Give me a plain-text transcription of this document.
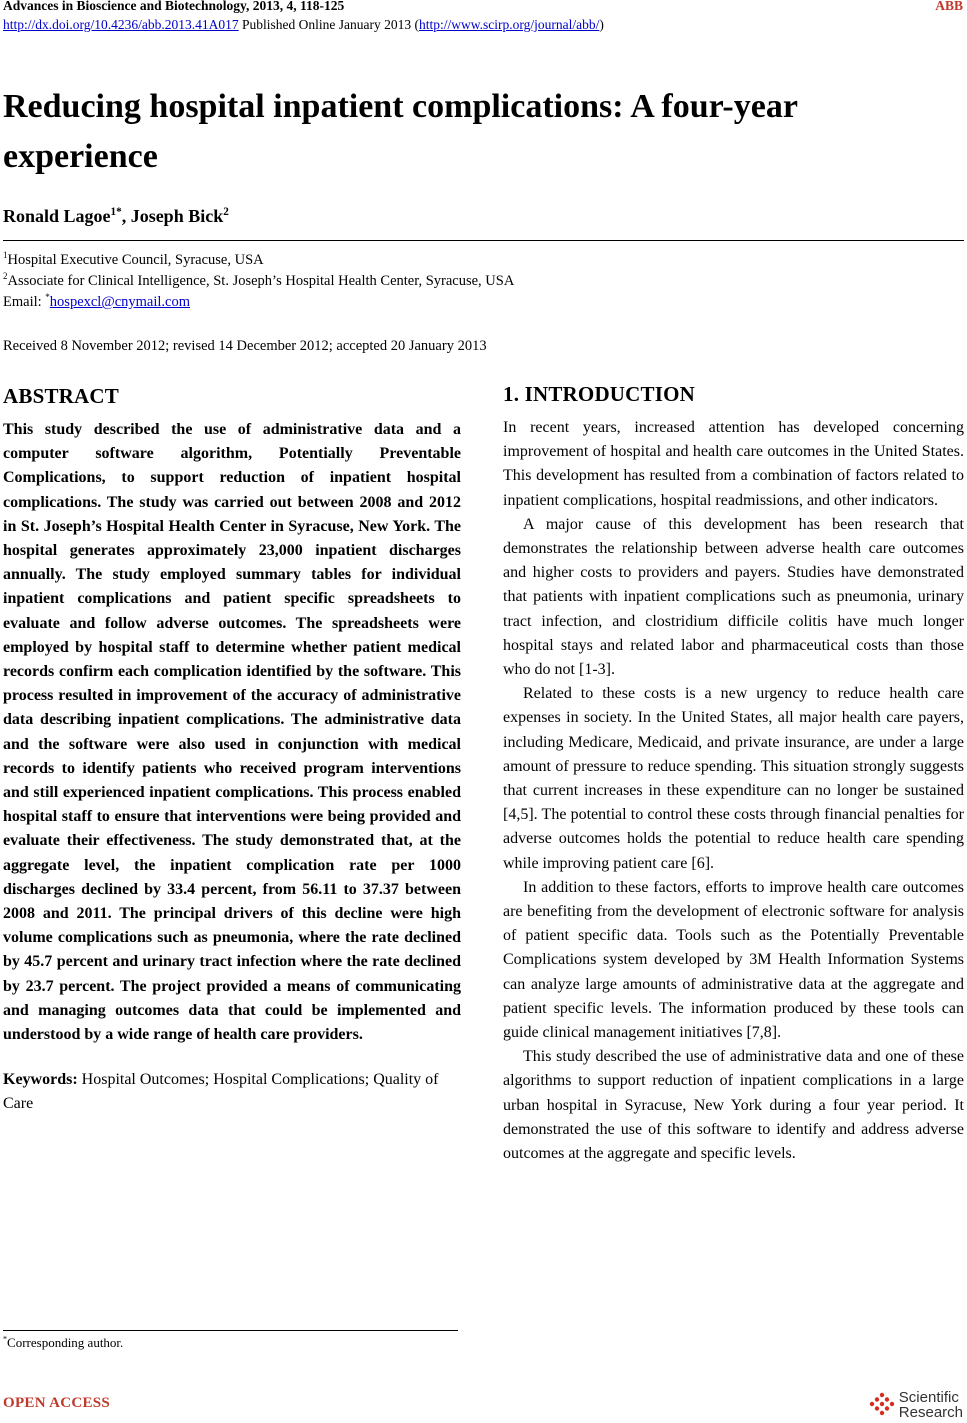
Advances in Bioscience and Biotechnology, 2013, 4, 118-125	ABB
http://dx.doi.org/10.4236/abb.2013.41A017 Published Online January 2013 (http://www.scirp.org/journal/abb/)
Reducing hospital inpatient complications: A four-year experience
Ronald Lagoe$^{1*}$, Joseph Bick$^2$
$^1$Hospital Executive Council, Syracuse, USA
$^2$Associate for Clinical Intelligence, St. Joseph’s Hospital Health Center, Syracuse, USA
Email: *hospexcl@cnymail.com
Received 8 November 2012; revised 14 December 2012; accepted 20 January 2013
ABSTRACT

This study described the use of administrative data and a computer software algorithm, Potentially Preventable Complications, to support reduction of inpatient hospital complications. The study was carried out between 2008 and 2012 in St. Joseph’s Hospital Health Center in Syracuse, New York. The hospital generates approximately 23,000 inpatient discharges annually. The study employed summary tables for individual inpatient complications and patient specific spreadsheets to evaluate and follow adverse outcomes. The spreadsheets were employed by hospital staff to determine whether patient medical records confirm each complication identified by the software. This process resulted in improvement of the accuracy of administrative data describing inpatient complications. The administrative data and the software were also used in conjunction with medical records to identify patients who received program interventions and still experienced inpatient complications. This process enabled hospital staff to ensure that interventions were being provided and evaluate their effectiveness. The study demonstrated that, at the aggregate level, the inpatient complication rate per 1000 discharges declined by 33.4 percent, from 56.11 to 37.37 between 2008 and 2011. The principal drivers of this decline were high volume complications such as pneumonia, where the rate declined by 45.7 percent and urinary tract infection where the rate declined by 23.7 percent. The project provided a means of communicating and managing outcomes data that could be implemented and understood by a wide range of health care providers.

Keywords: Hospital Outcomes; Hospital Complications; Quality of Care

1. INTRODUCTION

In recent years, increased attention has developed concerning improvement of hospital and health care outcomes in the United States. This development has resulted from a combination of factors related to inpatient complications, hospital readmissions, and other indicators.

A major cause of this development has been research that demonstrates the relationship between adverse health care outcomes and higher costs to providers and payers. Studies have demonstrated that patients with inpatient complications such as pneumonia, urinary tract infection, and clostridium difficile colitis have much longer hospital stays and related labor and pharmaceutical costs than those who do not [1-3].

Related to these costs is a new urgency to reduce health care expenses in society. In the United States, all major health care payers, including Medicare, Medicaid, and private insurance, are under a large amount of pressure to reduce spending. This situation strongly suggests that current increases in these expenditure can no longer be sustained [4,5]. The potential to control these costs through financial penalties for adverse outcomes holds the potential to reduce health care spending while improving patient care [6].

In addition to these factors, efforts to improve health care outcomes are benefiting from the development of electronic software for analysis of patient specific data. Tools such as the Potentially Preventable Complications system developed by 3M Health Information Systems can analyze large amounts of administrative data at the aggregate and patient specific levels. The information produced by these tools can guide clinical management initiatives [7,8].

This study described the use of administrative data and one of these algorithms to support reduction of inpatient complications in a large urban hospital in Syracuse, New York during a four year period. It demonstrated the use of this software to identify and address adverse outcomes at the aggregate and specific levels.

*Corresponding author.
OPEN ACCESS	Scientific
Research
